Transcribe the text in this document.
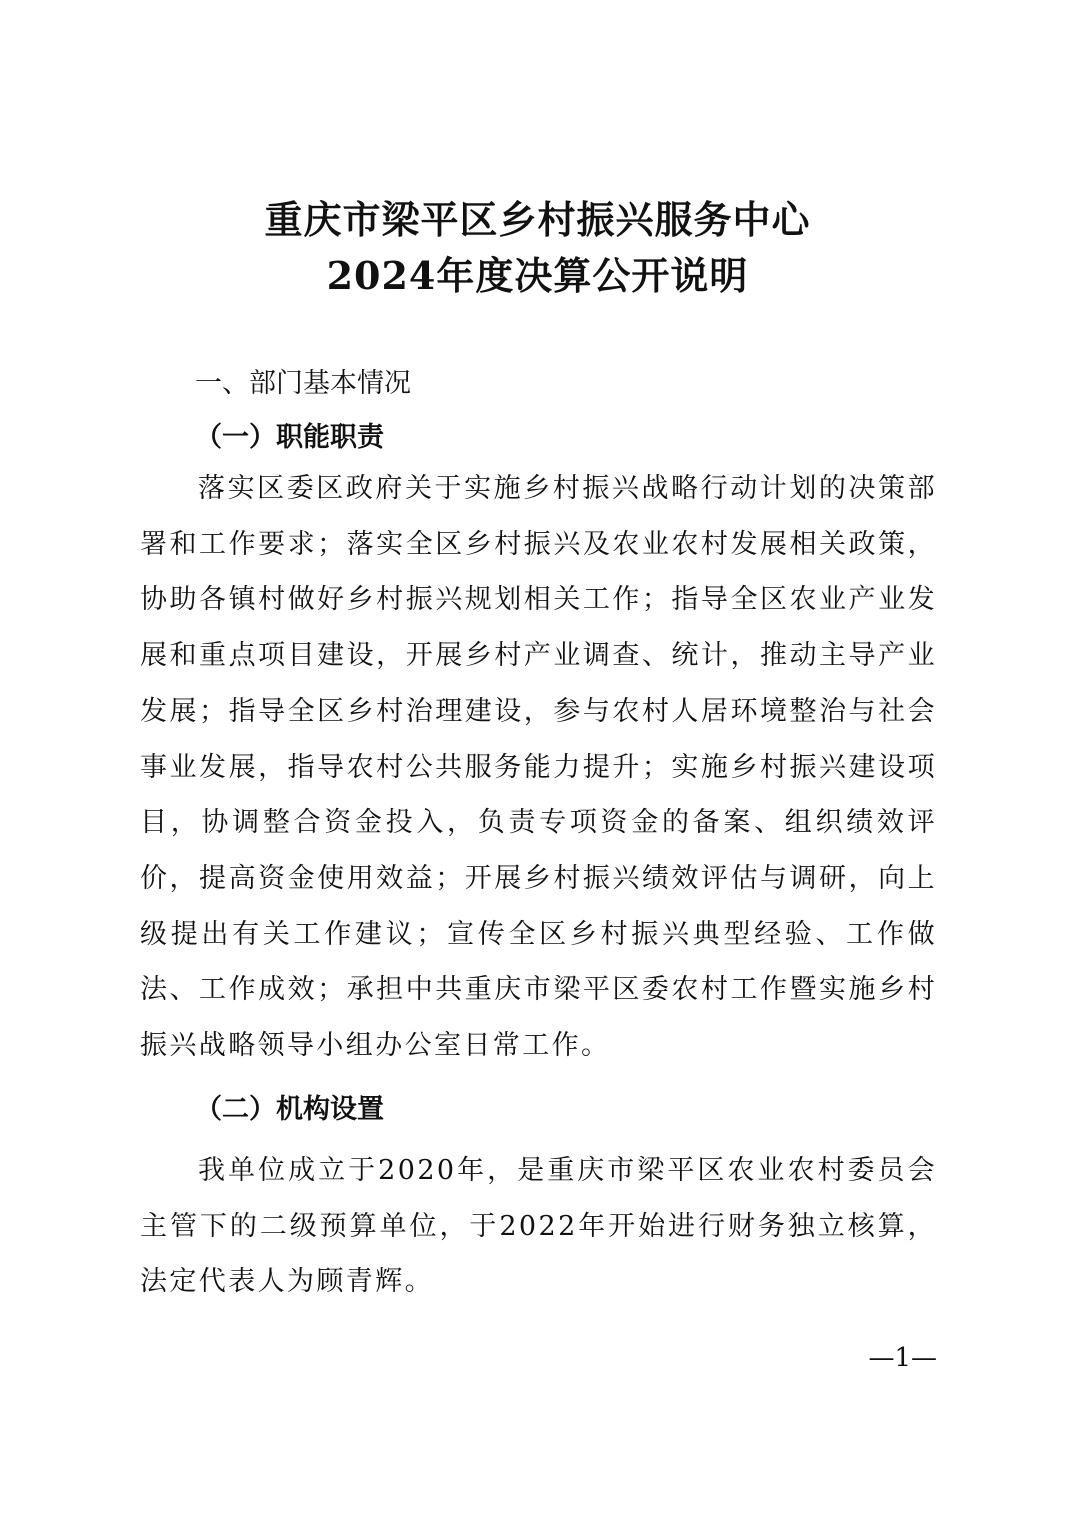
重庆市梁平区乡村振兴服务中心
2024年度决算公开说明
一、部门基本情况
（一）职能职责

落实区委区政府关于实施乡村振兴战略行动计划的决策部署和工作要求；落实全区乡村振兴及农业农村发展相关政策，协助各镇村做好乡村振兴规划相关工作；指导全区农业产业发展和重点项目建设，开展乡村产业调查、统计，推动主导产业发展；指导全区乡村治理建设，参与农村人居环境整治与社会事业发展，指导农村公共服务能力提升；实施乡村振兴建设项目，协调整合资金投入，负责专项资金的备案、组织绩效评价，提高资金使用效益；开展乡村振兴绩效评估与调研，向上级提出有关工作建议；宣传全区乡村振兴典型经验、工作做法、工作成效；承担中共重庆市梁平区委农村工作暨实施乡村振兴战略领导小组办公室日常工作。

（二）机构设置

我单位成立于2020年，是重庆市梁平区农业农村委员会主管下的二级预算单位，于2022年开始进行财务独立核算，法定代表人为顾青辉。

—1—
